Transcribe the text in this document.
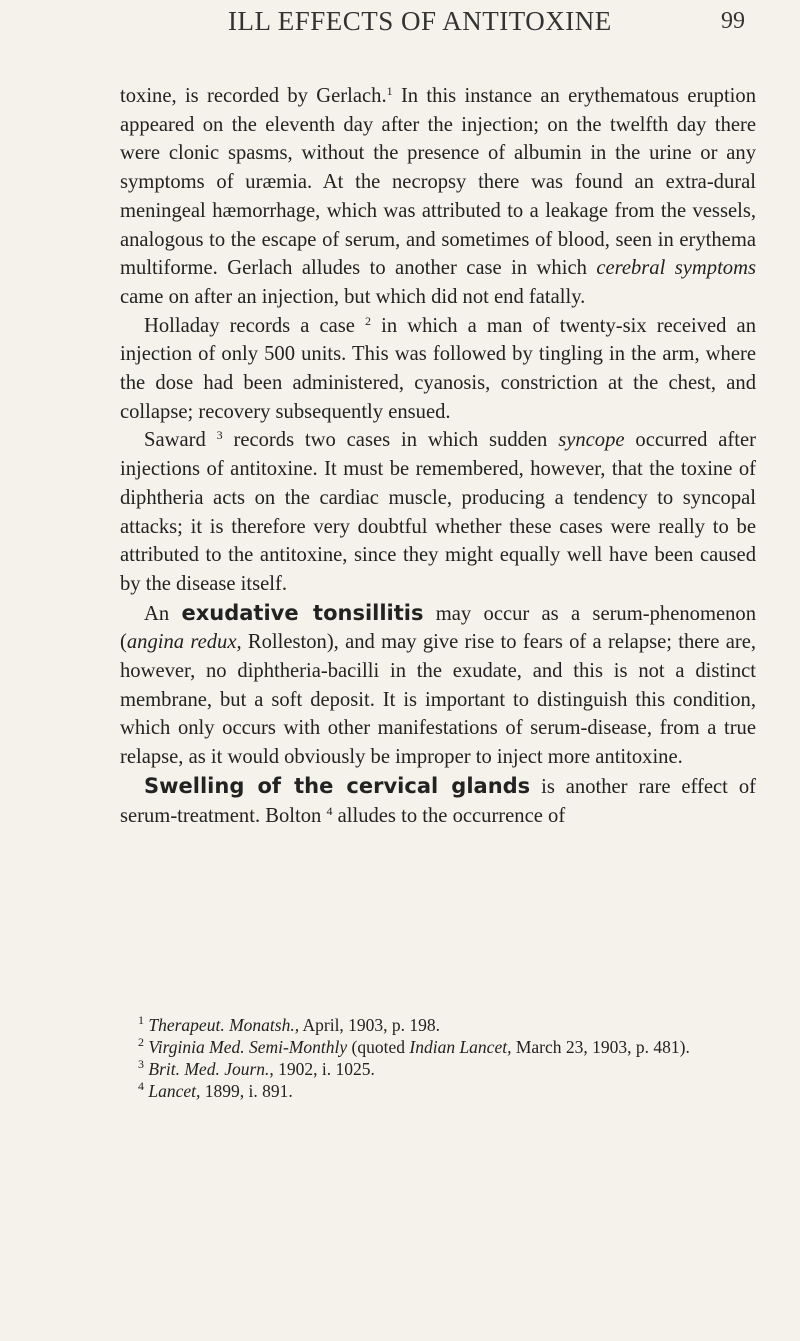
ILL EFFECTS OF ANTITOXINE	99

toxine, is recorded by Gerlach.$^1$ In this instance an erythematous eruption appeared on the eleventh day after the injection; on the twelfth day there were clonic spasms, without the presence of albumin in the urine or any symptoms of uræmia. At the necropsy there was found an extra-dural meningeal hæmorrhage, which was attributed to a leakage from the vessels, analogous to the escape of serum, and sometimes of blood, seen in erythema multiforme. Gerlach alludes to another case in which cerebral symptoms came on after an injection, but which did not end fatally.

Holladay records a case $^2$ in which a man of twenty-six received an injection of only 500 units. This was followed by tingling in the arm, where the dose had been administered, cyanosis, constriction at the chest, and collapse; recovery subsequently ensued.

Saward $^3$ records two cases in which sudden syncope occurred after injections of antitoxine. It must be remembered, however, that the toxine of diphtheria acts on the cardiac muscle, producing a tendency to syncopal attacks; it is therefore very doubtful whether these cases were really to be attributed to the antitoxine, since they might equally well have been caused by the disease itself.

An exudative tonsillitis may occur as a serum-phenomenon (angina redux, Rolleston), and may give rise to fears of a relapse; there are, however, no diphtheria-bacilli in the exudate, and this is not a distinct membrane, but a soft deposit. It is important to distinguish this condition, which only occurs with other manifestations of serum-disease, from a true relapse, as it would obviously be improper to inject more antitoxine.

Swelling of the cervical glands is another rare effect of serum-treatment. Bolton $^4$ alludes to the occurrence of

$^1$ Therapeut. Monatsh., April, 1903, p. 198.

$^2$ Virginia Med. Semi-Monthly (quoted Indian Lancet, March 23, 1903, p. 481).

$^3$ Brit. Med. Journ., 1902, i. 1025.

$^4$ Lancet, 1899, i. 891.
